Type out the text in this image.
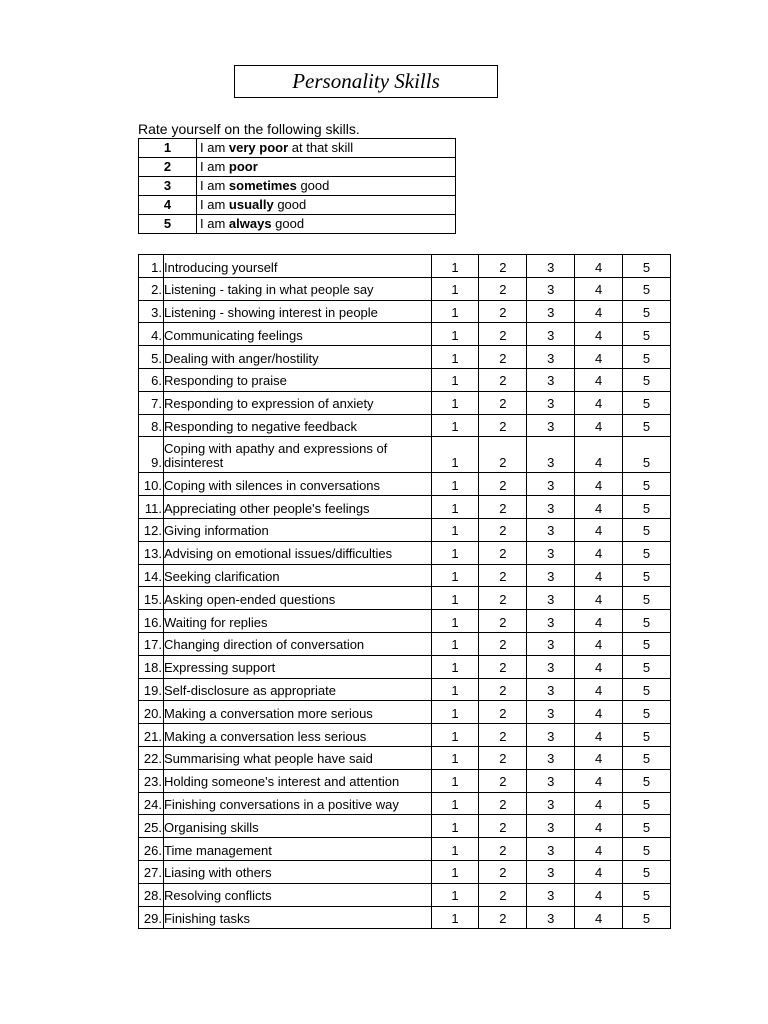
Personality Skills
Rate yourself on the following skills.
1	I am very poor at that skill
2	I am poor
3	I am sometimes good
4	I am usually good
5	I am always good
1.	Introducing yourself	1	2	3	4	5
2.	Listening - taking in what people say	1	2	3	4	5
3.	Listening - showing interest in people	1	2	3	4	5
4.	Communicating feelings	1	2	3	4	5
5.	Dealing with anger/hostility	1	2	3	4	5
6.	Responding to praise	1	2	3	4	5
7.	Responding to expression of anxiety	1	2	3	4	5
8.	Responding to negative feedback	1	2	3	4	5
9.	Coping with apathy and expressions of disinterest	1	2	3	4	5
10.	Coping with silences in conversations	1	2	3	4	5
11.	Appreciating other people's feelings	1	2	3	4	5
12.	Giving information	1	2	3	4	5
13.	Advising on emotional issues/difficulties	1	2	3	4	5
14.	Seeking clarification	1	2	3	4	5
15.	Asking open-ended questions	1	2	3	4	5
16.	Waiting for replies	1	2	3	4	5
17.	Changing direction of conversation	1	2	3	4	5
18.	Expressing support	1	2	3	4	5
19.	Self-disclosure as appropriate	1	2	3	4	5
20.	Making a conversation more serious	1	2	3	4	5
21.	Making a conversation less serious	1	2	3	4	5
22.	Summarising what people have said	1	2	3	4	5
23.	Holding someone's interest and attention	1	2	3	4	5
24.	Finishing conversations in a positive way	1	2	3	4	5
25.	Organising skills	1	2	3	4	5
26.	Time management	1	2	3	4	5
27.	Liasing with others	1	2	3	4	5
28.	Resolving conflicts	1	2	3	4	5
29.	Finishing tasks	1	2	3	4	5
